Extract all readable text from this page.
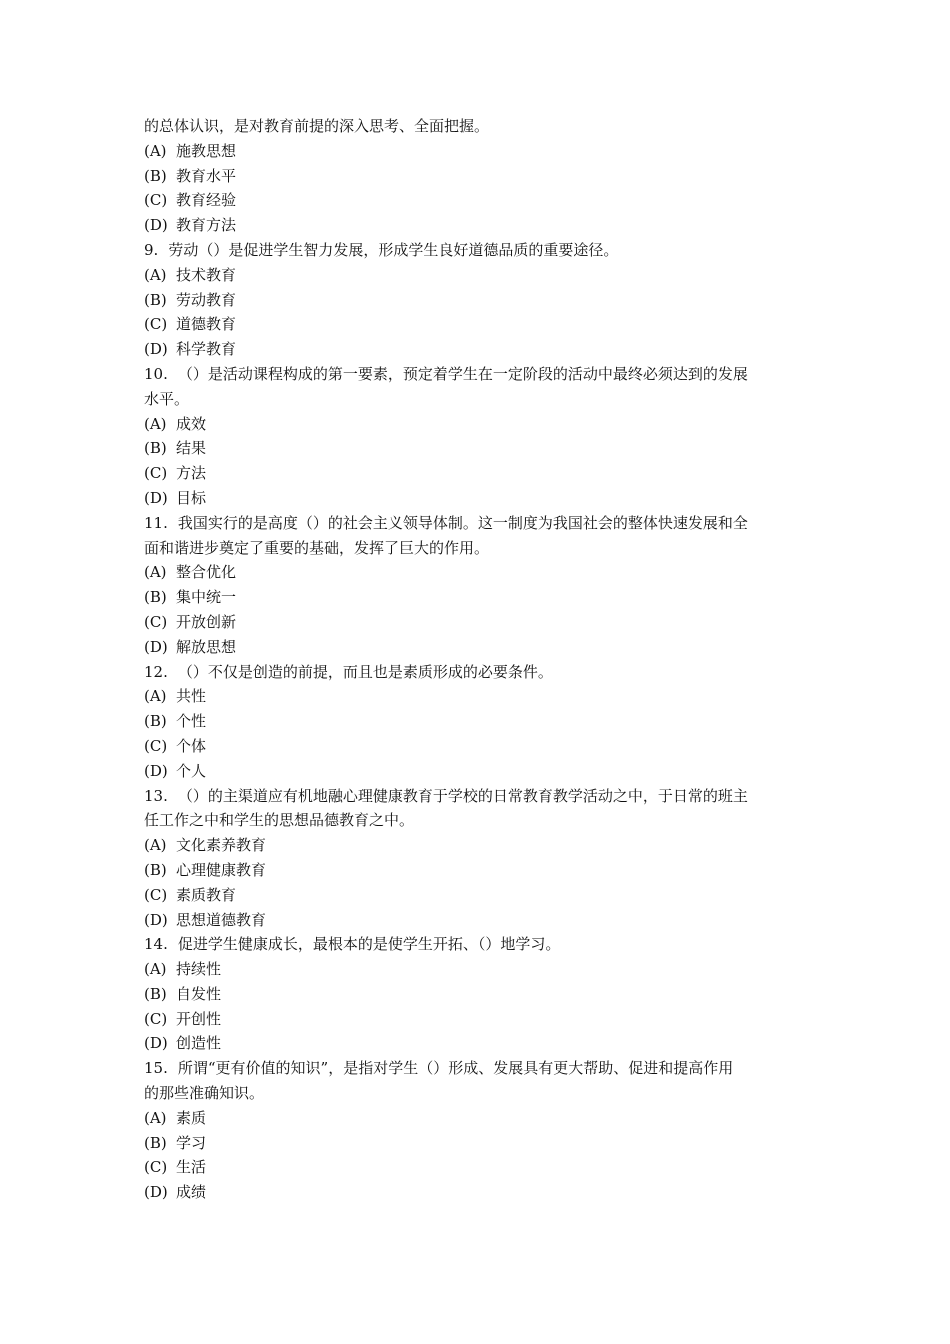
的总体认识，是对教育前提的深入思考、全面把握。

(A) 施教思想

(B) 教育水平

(C) 教育经验

(D) 教育方法

9. 劳动（）是促进学生智力发展，形成学生良好道德品质的重要途径。

(A) 技术教育

(B) 劳动教育

(C) 道德教育

(D) 科学教育

10. （）是活动课程构成的第一要素，预定着学生在一定阶段的活动中最终必须达到的发展

水平。

(A) 成效

(B) 结果

(C) 方法

(D) 目标

11. 我国实行的是高度（）的社会主义领导体制。这一制度为我国社会的整体快速发展和全

面和谐进步奠定了重要的基础，发挥了巨大的作用。

(A) 整合优化

(B) 集中统一

(C) 开放创新

(D) 解放思想

12. （）不仅是创造的前提，而且也是素质形成的必要条件。

(A) 共性

(B) 个性

(C) 个体

(D) 个人

13. （）的主渠道应有机地融心理健康教育于学校的日常教育教学活动之中，于日常的班主

任工作之中和学生的思想品德教育之中。

(A) 文化素养教育

(B) 心理健康教育

(C) 素质教育

(D) 思想道德教育

14. 促进学生健康成长，最根本的是使学生开拓、（）地学习。

(A) 持续性

(B) 自发性

(C) 开创性

(D) 创造性

15. 所谓“更有价值的知识”，是指对学生（）形成、发展具有更大帮助、促进和提高作用

的那些准确知识。

(A) 素质

(B) 学习

(C) 生活

(D) 成绩
